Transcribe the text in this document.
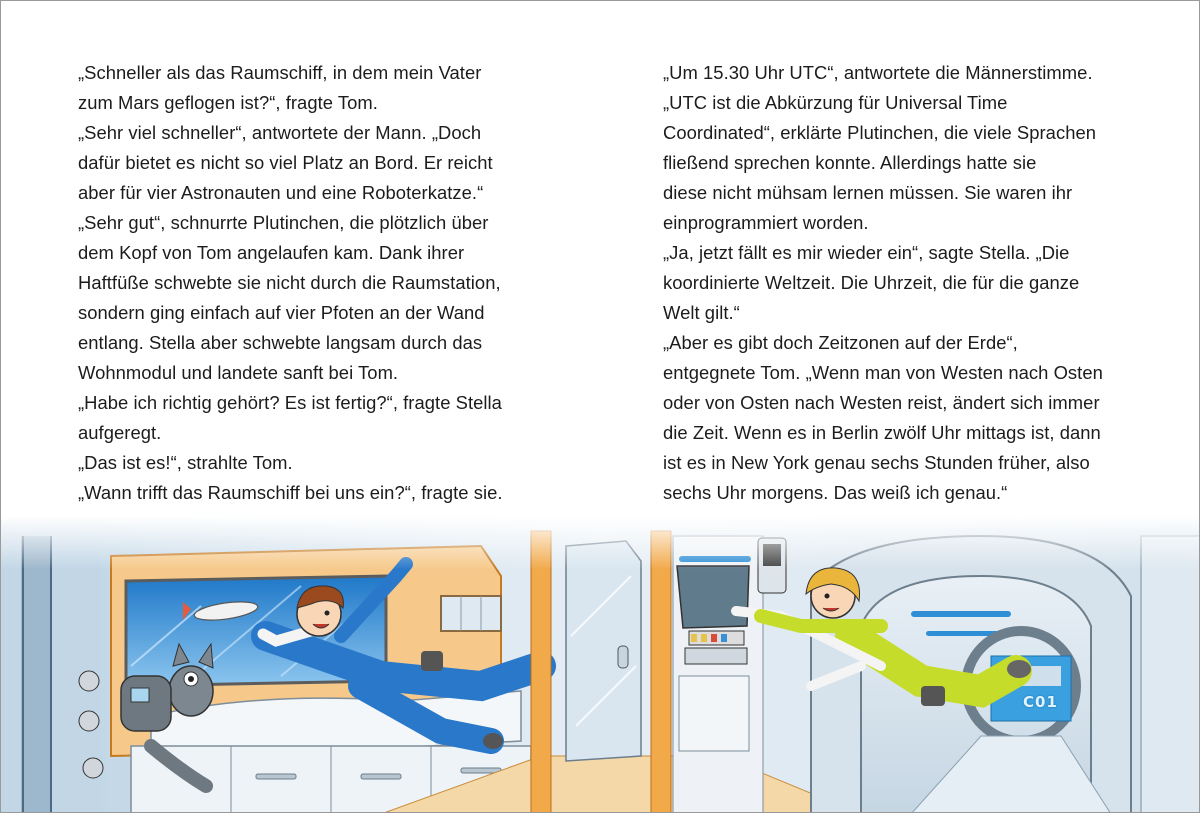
„Schneller als das Raumschiff, in dem mein Vater
zum Mars geflogen ist?“, fragte Tom.
„Sehr viel schneller“, antwortete der Mann. „Doch
dafür bietet es nicht so viel Platz an Bord. Er reicht
aber für vier Astronauten und eine Roboterkatze.“
„Sehr gut“, schnurrte Plutinchen, die plötzlich über
dem Kopf von Tom angelaufen kam. Dank ihrer
Haftfüße schwebte sie nicht durch die Raumstation,
sondern ging einfach auf vier Pfoten an der Wand
entlang. Stella aber schwebte langsam durch das
Wohnmodul und landete sanft bei Tom.
„Habe ich richtig gehört? Es ist fertig?“, fragte Stella
aufgeregt.
„Das ist es!“, strahlte Tom.
„Wann trifft das Raumschiff bei uns ein?“, fragte sie.
„Um 15.30 Uhr UTC“, antwortete die Männerstimme.
„UTC ist die Abkürzung für Universal Time
Coordinated“, erklärte Plutinchen, die viele Sprachen
fließend sprechen konnte. Allerdings hatte sie
diese nicht mühsam lernen müssen. Sie waren ihr
einprogrammiert worden.
„Ja, jetzt fällt es mir wieder ein“, sagte Stella. „Die
koordinierte Weltzeit. Die Uhrzeit, die für die ganze
Welt gilt.“
„Aber es gibt doch Zeitzonen auf der Erde“,
entgegnete Tom. „Wenn man von Westen nach Osten
oder von Osten nach Westen reist, ändert sich immer
die Zeit. Wenn es in Berlin zwölf Uhr mittags ist, dann
ist es in New York genau sechs Stunden früher, also
sechs Uhr morgens. Das weiß ich genau.“
C01
